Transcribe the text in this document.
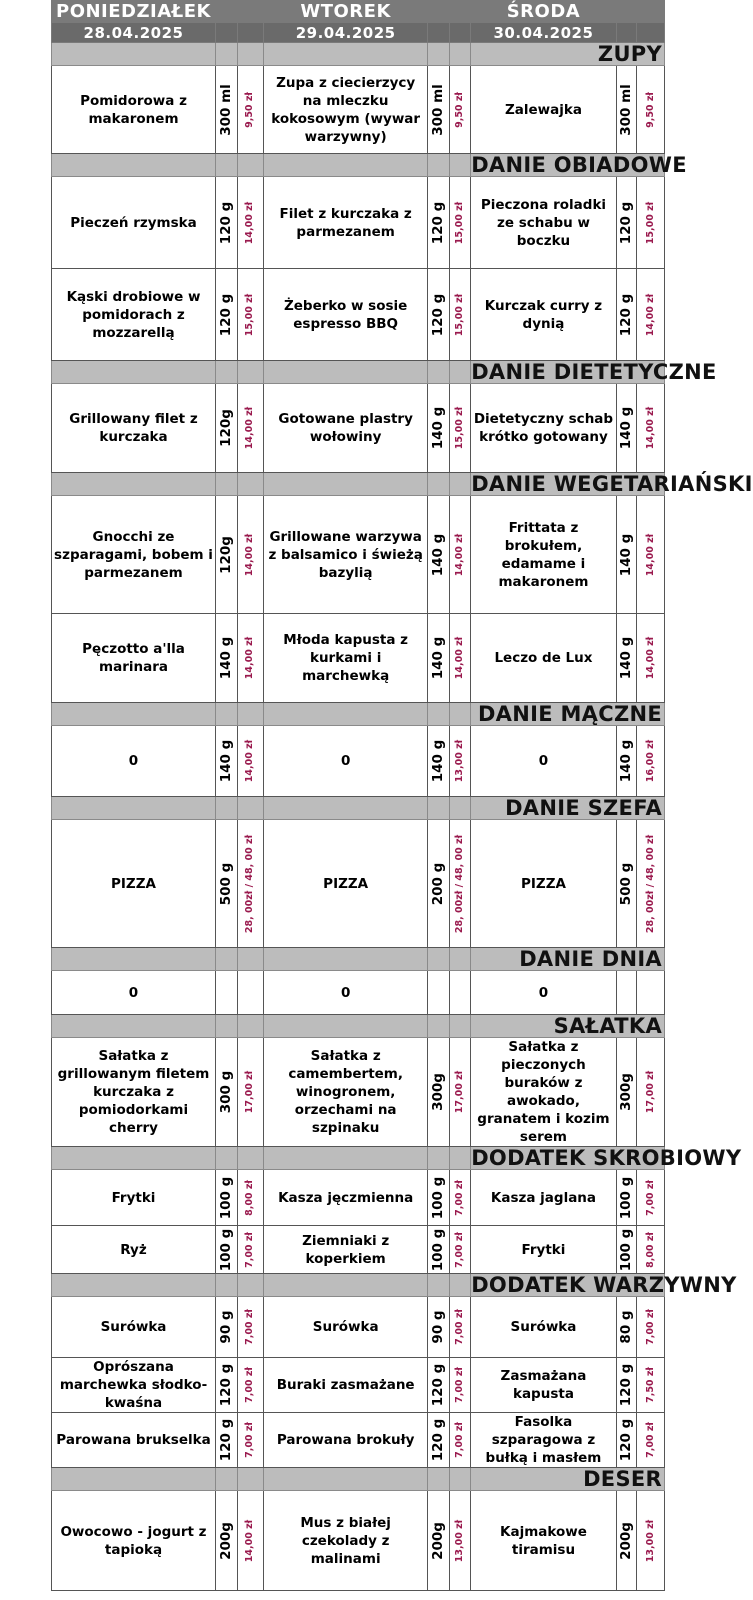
PONIEDZIAŁEK			WTOREK			ŚRODA		
28.04.2025			29.04.2025			30.04.2025		
						ZUPY		
Pomidorowa z makaronem	300 ml	9,50 zł	Zupa z ciecierzycy na mleczku kokosowym (wywar warzywny)	300 ml	9,50 zł	Zalewajka	300 ml	9,50 zł

						DANIE OBIADOWE		
Pieczeń rzymska	120 g	14,00 zł	Filet z kurczaka z parmezanem	120 g	15,00 zł	Pieczona roladki ze schabu w boczku	120 g	15,00 zł

Kąski drobiowe w pomidorach z mozzarellą	120 g	15,00 zł	Żeberko w sosie espresso BBQ	120 g	15,00 zł	Kurczak curry z dynią	120 g	14,00 zł

						DANIE DIETETYCZNE		
Grillowany filet z kurczaka	120g	14,00 zł	Gotowane plastry wołowiny	140 g	15,00 zł	Dietetyczny schab krótko gotowany	140 g	14,00 zł

						DANIE WEGETARIAŃSKI		
Gnocchi ze szparagami, bobem i parmezanem	120g	14,00 zł	Grillowane warzywa z balsamico i świeżą bazylią	140 g	14,00 zł	Frittata z brokułem, edamame i makaronem	140 g	14,00 zł

Pęczotto a'lla marinara	140 g	14,00 zł	Młoda kapusta z kurkami i marchewką	140 g	14,00 zł	Leczo de Lux	140 g	14,00 zł

						DANIE MĄCZNE		
0	140 g	14,00 zł	0	140 g	13,00 zł	0	140 g	16,00 zł

						DANIE SZEFA		
PIZZA	500 g	28, 00zł / 48, 00 zł	PIZZA	200 g	28, 00zł / 48, 00 zł	PIZZA	500 g	28, 00zł / 48, 00 zł

						DANIE DNIA		
0			0			0	

						SAŁATKA		
Sałatka z grillowanym filetem kurczaka z pomiodorkami cherry	300 g	17,00 zł	Sałatka z camembertem, winogronem, orzechami na szpinaku	300g	17,00 zł	Sałatka z pieczonych buraków z awokado, granatem i kozim serem	300g	17,00 zł

						DODATEK SKROBIOWY		
Frytki	100 g	8,00 zł	Kasza jęczmienna	100 g	7,00 zł	Kasza jaglana	100 g	7,00 zł

Ryż	100 g	7,00 zł	Ziemniaki z koperkiem	100 g	7,00 zł	Frytki	100 g	8,00 zł

						DODATEK WARZYWNY		
Surówka	90 g	7,00 zł	Surówka	90 g	7,00 zł	Surówka	80 g	7,00 zł

Oprószana marchewka słodko-kwaśna	120 g	7,00 zł	Buraki zasmażane	120 g	7,00 zł	Zasmażana kapusta	120 g	7,50 zł

Parowana brukselka	120 g	7,00 zł	Parowana brokuły	120 g	7,00 zł	Fasolka szparagowa z bułką i masłem	120 g	7,00 zł

						DESER		
Owocowo - jogurt z tapioką	200g	14,00 zł	Mus z białej czekolady z malinami	200g	13,00 zł	Kajmakowe tiramisu	200g	13,00 zł
